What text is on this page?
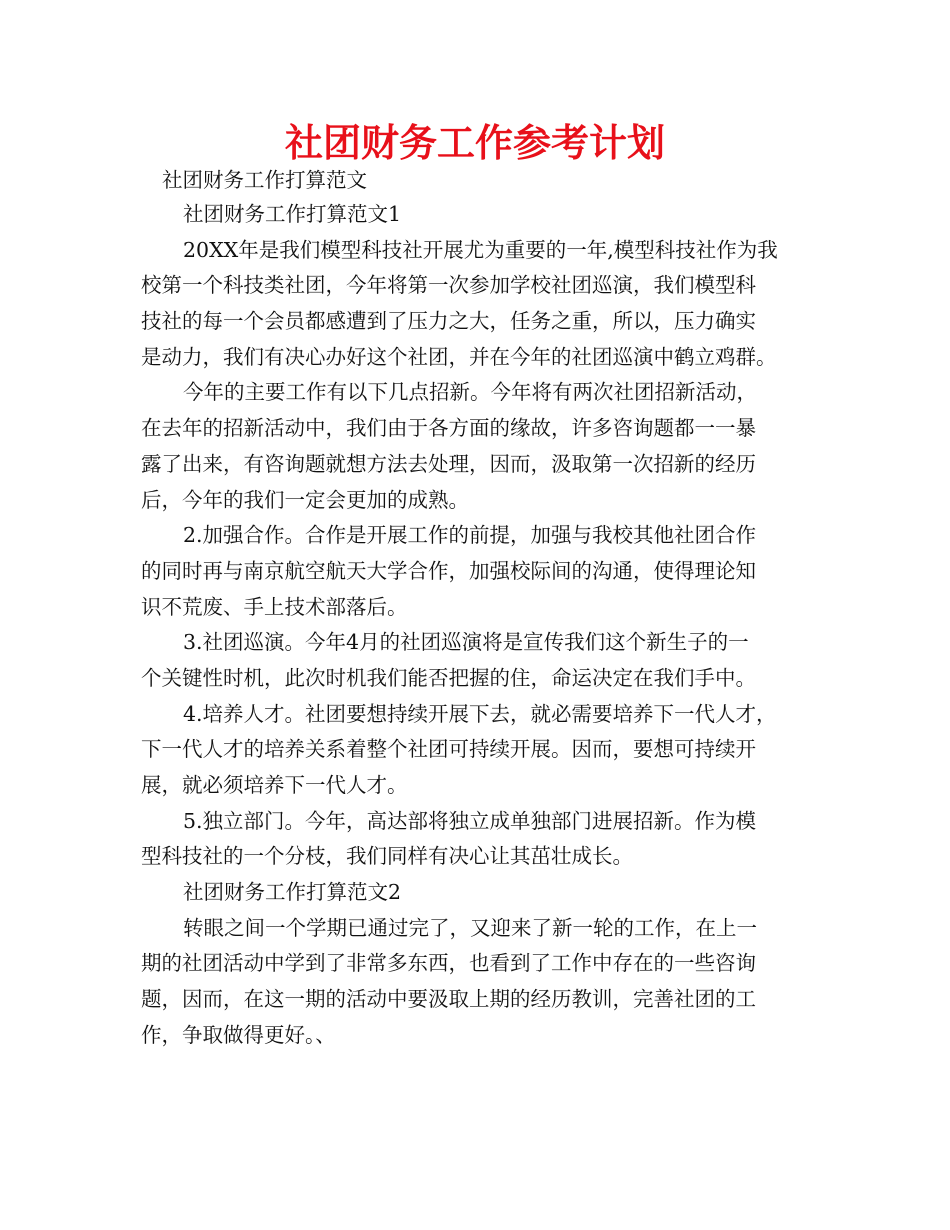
社团财务工作参考计划

社团财务工作打算范文

社团财务工作打算范文1
20XX年是我们模型科技社开展尤为重要的一年,模型科技社作为我
校第一个科技类社团，今年将第一次参加学校社团巡演，我们模型科
技社的每一个会员都感遭到了压力之大，任务之重，所以，压力确实
是动力，我们有决心办好这个社团，并在今年的社团巡演中鹤立鸡群。
今年的主要工作有以下几点招新。今年将有两次社团招新活动，
在去年的招新活动中，我们由于各方面的缘故，许多咨询题都一一暴
露了出来，有咨询题就想方法去处理，因而，汲取第一次招新的经历
后，今年的我们一定会更加的成熟。
2.加强合作。合作是开展工作的前提，加强与我校其他社团合作
的同时再与南京航空航天大学合作，加强校际间的沟通，使得理论知
识不荒废、手上技术部落后。
3.社团巡演。今年4月的社团巡演将是宣传我们这个新生子的一
个关键性时机，此次时机我们能否把握的住，命运决定在我们手中。
4.培养人才。社团要想持续开展下去，就必需要培养下一代人才，
下一代人才的培养关系着整个社团可持续开展。因而，要想可持续开
展，就必须培养下一代人才。
5.独立部门。今年，高达部将独立成单独部门进展招新。作为模
型科技社的一个分枝，我们同样有决心让其茁壮成长。
社团财务工作打算范文2
转眼之间一个学期已通过完了，又迎来了新一轮的工作，在上一
期的社团活动中学到了非常多东西，也看到了工作中存在的一些咨询
题，因而，在这一期的活动中要汲取上期的经历教训，完善社团的工
作，争取做得更好。、
